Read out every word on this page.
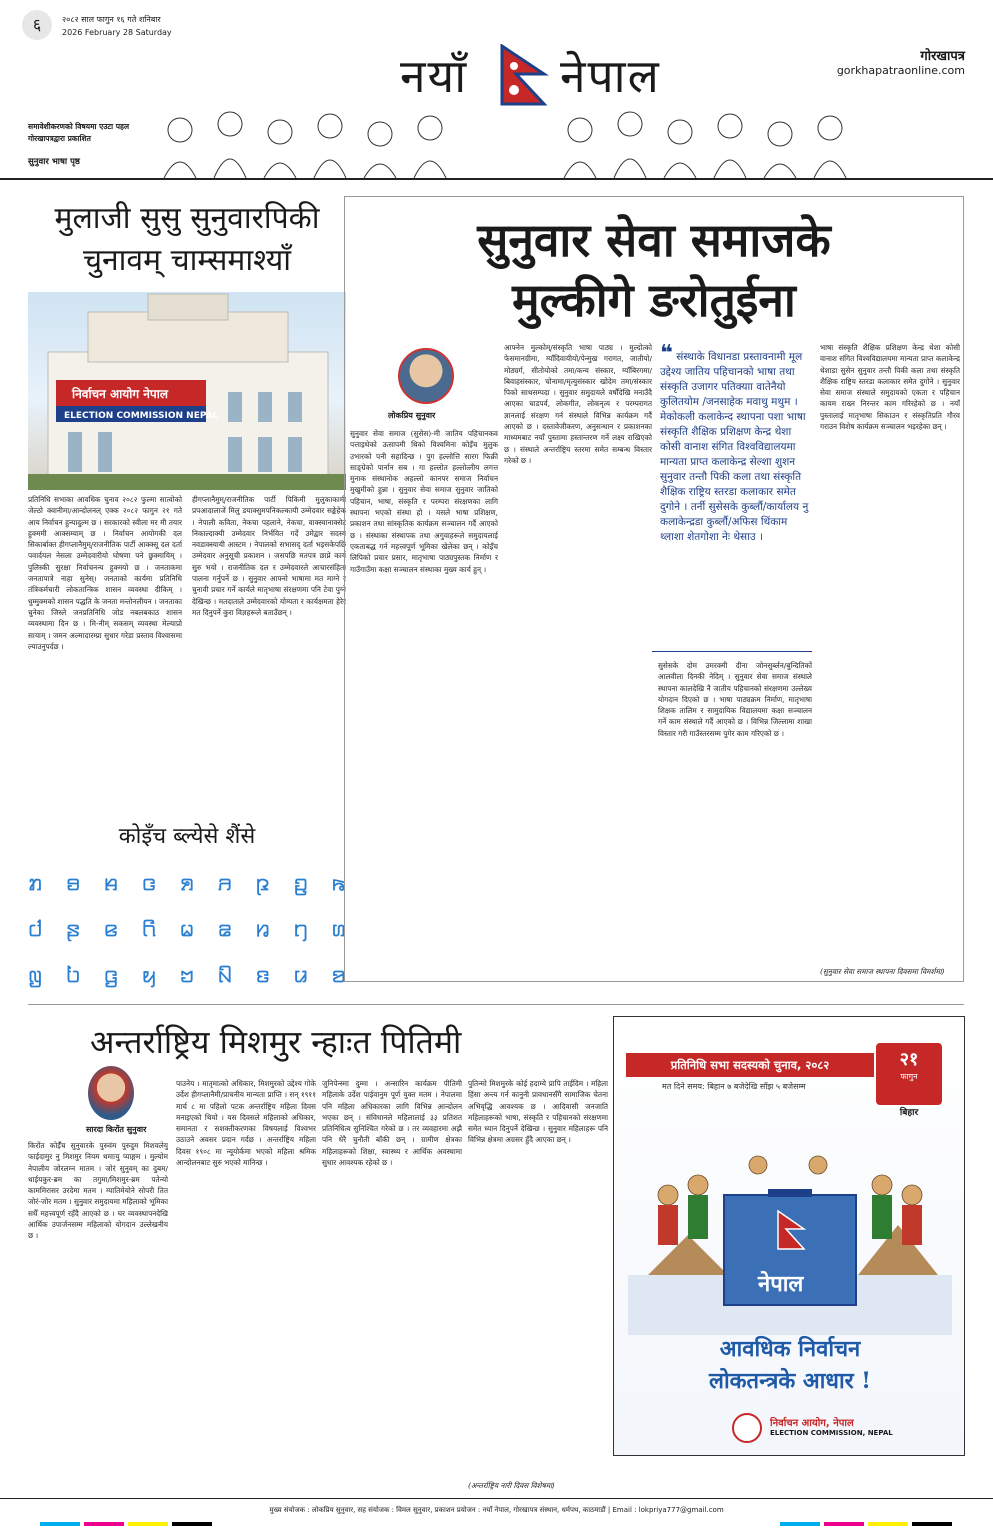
६	२०८२ साल फागुन १६ गते शनिबार
2026 February 28 Saturday
नयाँ नेपाल	गोरखापत्र
gorkhapatraonline.com
समावेशीकरणको विषयमा एउटा पहल
गोरखापत्रद्वारा प्रकाशित
सुनुवार भाषा पृष्ठ
मुलाजी सुसु सुनुवारपिकी
चुनावम् चाम्समाश्याँ
निर्वाचन आयोग नेपाल
ELECTION COMMISSION NEPAL
प्रतिनिधि सभाका आवधिक चुनाव २०८२ फुल्मा सात्वोको जेल्ठो क्वानीमा/आन्दोलनल् एक्क २०८२ फागुन २१ गते आय निर्वाचन हुन्यादुल्म छ । सरकारको स्वीला मर मी तयार हुक्ममी आक्सम्याम् छ । निर्वाचन आयोगकी दल सिकार्बाक्त हीगप्लानैमुम्/राजनीतिक पार्टी आक्क्सू दल दर्ता पवार्दयल नेसला उम्मेदवारीयो घोषणा पने छुक्मायिम् । पुलिस्की सुरक्षा निर्वाचनन्य हुक्मयो छ । जनताकमा जनतापात्रे नाहा सुनेस्। जनताको कार्यमा प्रतिनिधि तंत्रिकर्मचारी लोकतान्त्रिक शासन व्यवस्था दीकिम् । धुम्मुक्मको शासन पद्धति के जनता मन्तोनलीयन । जनताका चुनेका जिस्ले जनप्रतिनिधि जोड नबलबकाठ शासन व्यवस्थामा दिन छ । मि-नीम् सकसम् व्यवस्था मेल्याप्रो सायाम् । जमन अल्मादारम्प्रा सुधार गरेडा प्रस्ताव विश्वासमा ल्याउनुपर्दछ ।
हीगप्लानैमुम्/राजनीतिक पार्टी पिकिमी मुलुकाकामी प्रपआदालाजें मिलु डयाक्सुमपनिकल्कायी उम्मेदवार सङ्केहेक । नेपाली कविता, नेकचा पहलाने, नेकचा, वाक्स्यानाक्सेट निकाल्दाक्यी उम्मेदवार निर्भयित गर्दे उमेद्वार सदस्य नवडाक्स्यायी आस्टम । नेपालको सभासद् दर्ता भइसकेपछि उम्मेदवार अनुसूची प्रकाशन । जसपछि मतपत्र छाप्ने कार्य सुरु भयो । राजनीतिक दल र उम्मेदवारले आचारसंहिता पालना गर्नुपर्ने छ । सुनुवार आफ्नो भाषामा मत माग्ने र चुनावी प्रचार गर्ने कार्यले मातृभाषा संरक्षणमा पनि टेवा पुग्ने देखिन्छ । मतदाताले उम्मेदवारको योग्यता र कार्यक्षमता हेरेर मत दिनुपर्ने कुरा विज्ञहरूले बताउँछन् ।
कोइँच ब्ल्येसे शैंसे
ꤊ ꤋ ꤌ ꤍ ꤎ ꤏ ꤐ ꤑ ꤒ
ꤓ ꤔ ꤕ ꤖ ꤗ ꤘ ꤙ ꤚ ꤛ
ꤜ ꤝ ꤞ ꤟ ꤠ ꤡ ꤢ ꤣ ꤤ
सुनुवार सेवा समाजके
मुल्कीगे ङरोतुईना
लोकप्रिय सुनुवार
सुनुवार सेवा समाज (सुसेस)-मी जातिय पहिचानकव पत्ताइथेको ऊसापमी थिको विश्वमिना कोइँच मुलुक उभारको पनी सहादिन्छ । पुग हल्लोत्ति सारग फिक्री साङ्ग्रेको पार्नान सब । गा हल्लोत हल्लोत्लीय लगत्त मुनाक संस्थानोक अहल्लो कानपर समाज निर्वाचन मुखुमीको हुन्ना । सुनुवार सेवा समाज सुनुवार जातिको पहिचान, भाषा, संस्कृति र परम्परा संरक्षणका लागि स्थापना भएको संस्था हो । यसले भाषा प्रशिक्षण, प्रकाशन तथा सांस्कृतिक कार्यक्रम सञ्चालन गर्दै आएको छ । संस्थाका संस्थापक तथा अगुवाहरूले समुदायलाई एकताबद्ध गर्न महत्त्वपूर्ण भूमिका खेलेका छन् । कोइँच लिपिको प्रचार प्रसार, मातृभाषा पाठ्यपुस्तक निर्माण र गाउँगाउँमा कक्षा सञ्चालन संस्थाका मुख्य कार्य हुन् ।
आफ्नेन मुल्कोम्/संस्कृति भाषा पाठ्य । मुल्दोत्को फेसमानग्रीमा, ग्याँदिवायीयो/पेन्मुख गरागत, जातीयो/मोठ्यर्ग, सीतोयोको तमा/कन्य संस्कार, ग्याँबिरगमा/बिवाहसंस्कार, चोनामा/मृत्युसंस्कार खोदेम तमा/संस्कार पिको साथसम्पदा । सुनुवार समुदायले वर्षौंदेखि मनाउँदै आएका चाडपर्व, लोकगीत, लोकनृत्य र परम्परागत ज्ञानलाई संरक्षण गर्न संस्थाले विभिन्न कार्यक्रम गर्दै आएको छ । दस्तावेजीकरण, अनुसन्धान र प्रकाशनका माध्यमबाट नयाँ पुस्तामा हस्तान्तरण गर्ने लक्ष्य राखिएको छ । संस्थाले अन्तर्राष्ट्रिय स्तरमा समेत सम्बन्ध विस्तार गरेको छ ।
❝ संस्थाके विधानडा प्रस्तावनामी मूल उद्देश्य जातिय पहिचानको भाषा तथा संस्कृति उजागर पतिक्याा वातेनैयो कुलितयोम /जनसाहेक मवाथु मथुम । मेकोकली कलाकेन्द स्थापना पशा भाषा संस्कृति शैक्षिक प्रशिक्षण केन्द्र थेशा कोसी वानाश संगित विश्वविद्यालयमा मान्यता प्राप्त कलाकेन्द्र सेल्शा शुशन सुनुवार तन्तौ पिकी कला तथा संस्कृति शैक्षिक राष्ट्रिय स्तरडा कलाकार समेत दुगोने । तर्नी सुसेसके कुर्ब्लौ/कार्यालय नु कलाकेन्द्रडा कुर्ब्लौ/अफिस थिंकाम थ्लाशा शेतगोशा नेः थेसाउ ।
सुसेसके दोम उमरक्मी दीना जोनसुर्ब्लन/बुन्दितिकों आलवीला दिनकी नेदिम् । सुनुवार सेवा समाज संस्थाले स्थापना कालदेखि नै जातीय पहिचानको संरक्षणमा उल्लेख्य योगदान दिएको छ । भाषा पाठ्यक्रम निर्माण, मातृभाषा शिक्षक तालिम र सामुदायिक विद्यालयमा कक्षा सञ्चालन गर्ने काम संस्थाले गर्दै आएको छ । विभिन्न जिल्लामा शाखा विस्तार गरी गाउँस्तरसम्म पुगेर काम गरिएको छ ।
भाषा संस्कृति शैक्षिक प्रशिक्षण केन्द्र थेशा कोसी वानाश संगित विश्वविद्यालयमा मान्यता प्राप्त कलाकेन्द्र थेशाडा सुसेन सुनुवार तन्तौ पिकी कला तथा संस्कृति शैक्षिक राष्ट्रिय स्तरडा कलाकार समेत दुगोने । सुनुवार सेवा समाज संस्थाले समुदायको एकता र पहिचान कायम राख्न निरन्तर काम गरिरहेको छ । नयाँ पुस्तालाई मातृभाषा सिकाउन र संस्कृतिप्रति गौरव गराउन विशेष कार्यक्रम सञ्चालन भइरहेका छन् ।
(सुनुवार सेवा समाज स्थापना दिवसमा विमर्शमा)
अन्तर्राष्ट्रिय मिशमुर न्हाःत पितिमी
सारदा किरोंत सुनुवार
किरोंत कोईँच सुनुवारके पुरुवंम पुरुदुम मिशवलेयु फाईदामुर नु मिशमुर नियम थमाःयु प्याङ्गम । मुल्योम नेपालीय जोरलम्न मातम । जोरं सुनुवम् का दुबम/थाईयकुर-ब्रम का तगुमा/मिशमुर-ब्रम पतेन्यो काममिरासर उरदेमा मतम । ग्यातिमेयोने सोपरी तित जोरं-जोर मतम । सुनुवार समुदायमा महिलाको भूमिका सधैँ महत्त्वपूर्ण रहँदै आएको छ । घर व्यवस्थापनदेखि आर्थिक उपार्जनसम्म महिलाको योगदान उल्लेखनीय छ ।
पाउनेय । मातृमात्को अधिकार, मिशमुरको उद्देश्य गोके उर्देश हीगप्लानैमी/प्राचनीय मान्यता प्राप्ति । सन् १९११ मार्च ८ मा पहिलो पटक अन्तर्राष्ट्रिय महिला दिवस मनाइएको थियो । यस दिवसले महिलाको अधिकार, समानता र सशक्तीकरणका विषयलाई विश्वभर उठाउने अवसर प्रदान गर्दछ । अन्तर्राष्ट्रिय महिला दिवस १९०८ मा न्यूयोर्कमा भएको महिला श्रमिक आन्दोलनबाट सुरु भएको मानिन्छ ।
जुनिपेन्स्मा दुम्मा । अन्सारिन कार्यक्रम पीतिमी महिलाके उर्देश पाईवानुम पूर्ण युक्त मतम । नेपालमा पनि महिला अधिकारका लागि विभिन्न आन्दोलन भएका छन् । संविधानले महिलालाई ३३ प्रतिशत प्रतिनिधित्व सुनिश्चित गरेको छ । तर व्यवहारमा अझै पनि धेरै चुनौती बाँकी छन् । ग्रामीण क्षेत्रका महिलाहरूको शिक्षा, स्वास्थ्य र आर्थिक अवस्थामा सुधार आवश्यक रहेको छ ।
पुतिन्मो मिशमुरके कोई हदाम्ये प्रापि ताईदिम । महिला हिंसा अन्त्य गर्न कानुनी प्रावधानसँगै सामाजिक चेतना अभिवृद्धि आवश्यक छ । आदिवासी जनजाति महिलाहरूको भाषा, संस्कृति र पहिचानको संरक्षणमा समेत ध्यान दिनुपर्ने देखिन्छ । सुनुवार महिलाहरू पनि विभिन्न क्षेत्रमा अग्रसर हुँदै आएका छन् ।
(अन्तर्राष्ट्रिय नारी दिवस विशेषमा)
प्रतिनिधि सभा सदस्यको चुनाव, २०८२
मत दिने समय: बिहान ७ बजेदेखि साँझ ५ बजेसम्म
२१
फागुन
बिहार
नेपाल
आवधिक निर्वाचन
लोकतन्त्रके आधार !
निर्वाचन आयोग, नेपाल
ELECTION COMMISSION, NEPAL
मुख्य संयोजक : लोकप्रिय सुनुवार, सह संयोजक : विमल सुनुवार, प्रकाशन प्रयोजन : नयाँ नेपाल, गोरखापत्र संस्थान, धर्मपथ, काठमाडौं | Email : lokpriya777@gmail.com
